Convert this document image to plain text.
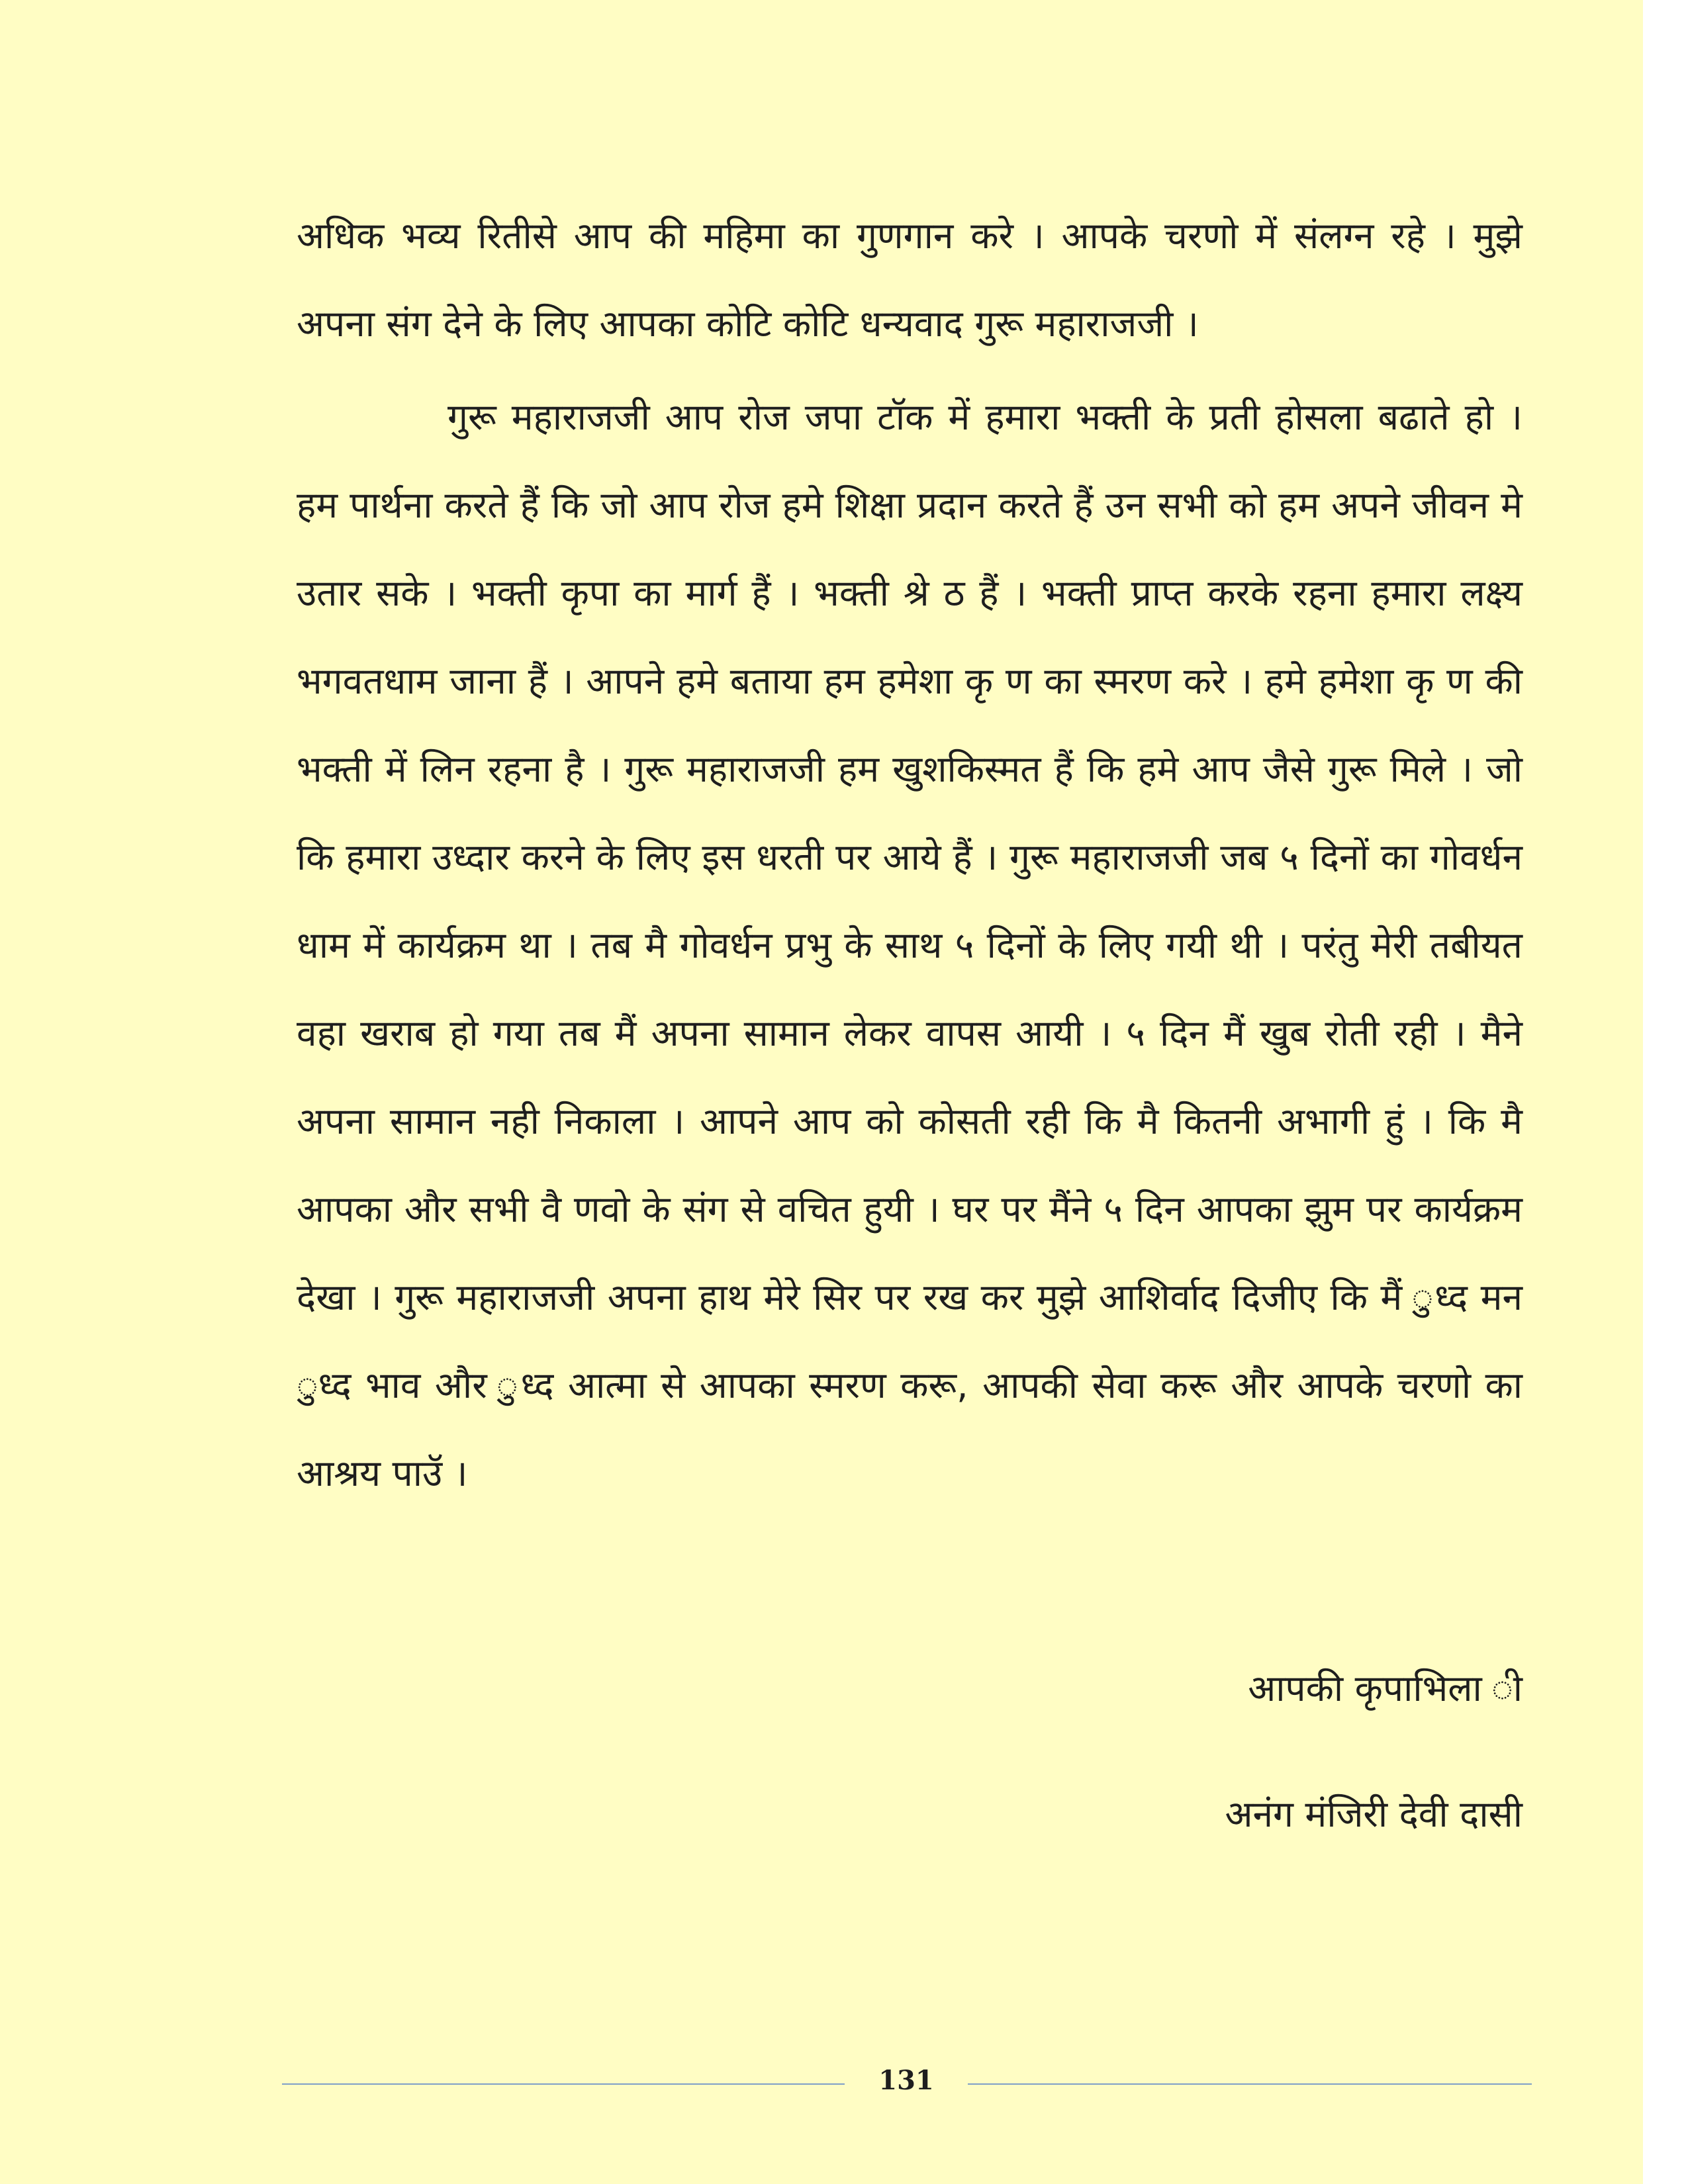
अधिक भव्य रितीसे आप की महिमा का गुणगान करे । आपके चरणो में संलग्न रहे । मुझे अपना संग देने के लिए आपका कोटि कोटि धन्यवाद गुरू महाराजजी ।

गुरू महाराजजी आप रोज जपा टॉक में हमारा भक्ती के प्रती होसला बढाते हो । हम पार्थना करते हैं कि जो आप रोज हमे शिक्षा प्रदान करते हैं उन सभी को हम अपने जीवन मे उतार सके । भक्ती कृपा का मार्ग हैं । भक्ती श्रे ठ हैं । भक्ती प्राप्त करके रहना हमारा लक्ष्य भगवतधाम जाना हैं । आपने हमे बताया हम हमेशा कृ ण का स्मरण करे । हमे हमेशा कृ ण की भक्ती में लिन रहना है । गुरू महाराजजी हम खुशकिस्मत हैं कि हमे आप जैसे गुरू मिले । जो कि हमारा उध्दार करने के लिए इस धरती पर आये हैं । गुरू महाराजजी जब ५ दिनों का गोवर्धन धाम में कार्यक्रम था । तब मै गोवर्धन प्रभु के साथ ५ दिनों के लिए गयी थी । परंतु मेरी तबीयत वहा खराब हो गया तब मैं अपना सामान लेकर वापस आयी । ५ दिन मैं खुब रोती रही । मैने अपना सामान नही निकाला । आपने आप को कोसती रही कि मै कितनी अभागी हुं । कि मै आपका और सभी वै णवो के संग से वचित हुयी । घर पर मैंने ५ दिन आपका झुम पर कार्यक्रम देखा । गुरू महाराजजी अपना हाथ मेरे सिर पर रख कर मुझे आशिर्वाद दिजीए कि मैं ुध्द मन ुध्द भाव और ुध्द आत्मा से आपका स्मरण करू, आपकी सेवा करू और आपके चरणो का आश्रय पाउॅ ।

आपकी कृपाभिला ी
अनंग मंजिरी देवी दासी
131
